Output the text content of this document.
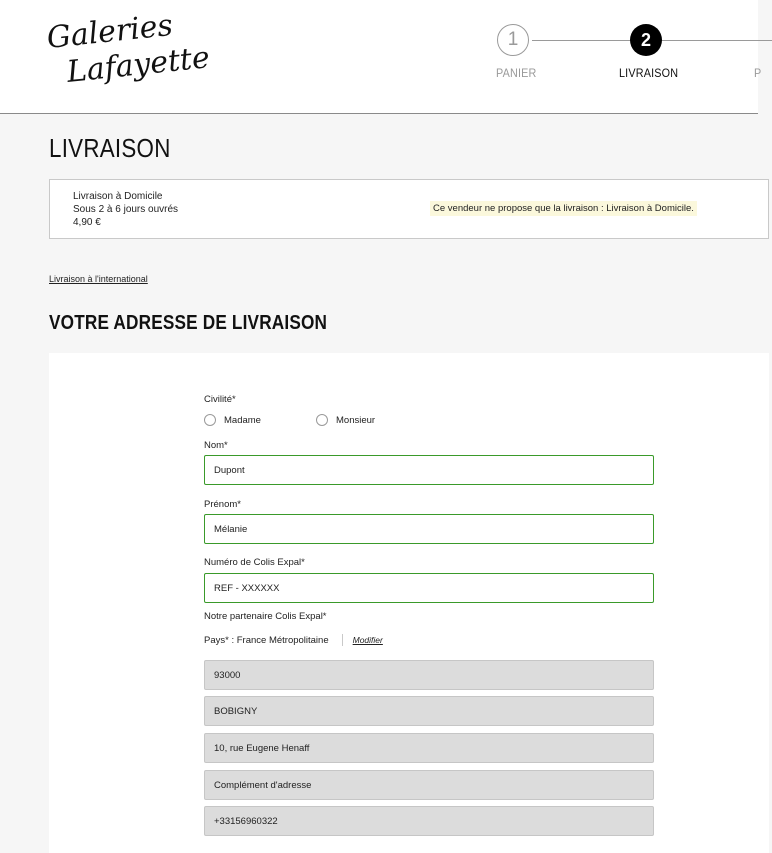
Galeries
Lafayette
1
PANIER
2
LIVRAISON	P
LIVRAISON
Livraison à Domicile
Sous 2 à 6 jours ouvrés
4,90 €
Ce vendeur ne propose que la livraison : Livraison à Domicile.
Livraison à l'international
VOTRE ADRESSE DE LIVRAISON
Civilité*
Madame	Monsieur
Nom*
Dupont
Prénom*
Mélanie
Numéro de Colis Expal*
REF - XXXXXX
Notre partenaire Colis Expal*
Pays* : France Métropolitaine	Modifier
93000
BOBIGNY
10, rue Eugene Henaff
Complément d'adresse
+33156960322
